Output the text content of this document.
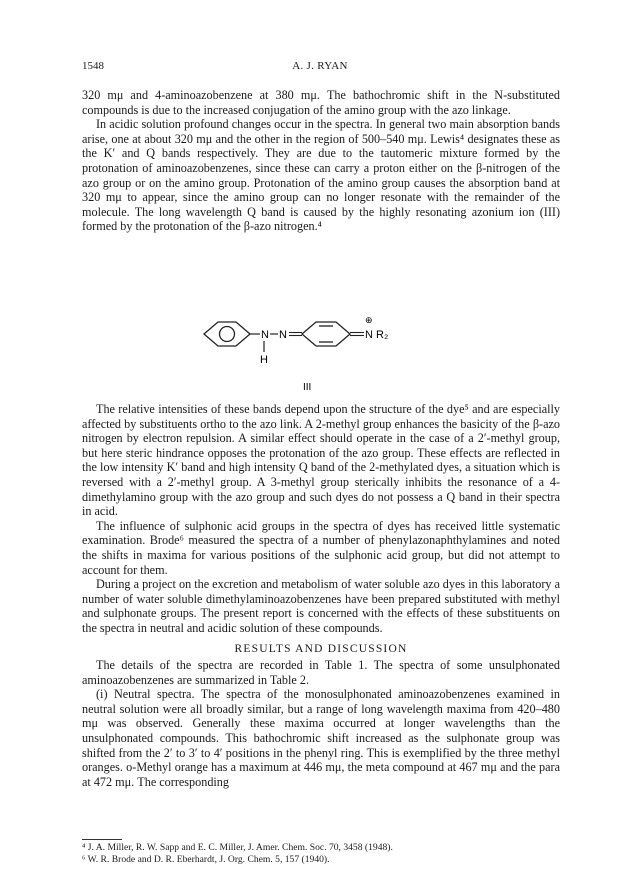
1548	A. J. RYAN

320 mμ and 4-aminoazobenzene at 380 mμ. The bathochromic shift in the N-substituted compounds is due to the increased conjugation of the amino group with the azo linkage.

In acidic solution profound changes occur in the spectra. In general two main absorption bands arise, one at about 320 mμ and the other in the region of 500–540 mμ. Lewis⁴ designates these as the K′ and Q bands respectively. They are due to the tautomeric mixture formed by the protonation of aminoazobenzenes, since these can carry a proton either on the β-nitrogen of the azo group or on the amino group. Protonation of the amino group causes the absorption band at 320 mμ to appear, since the amino group can no longer resonate with the remainder of the molecule. The long wavelength Q band is caused by the highly resonating azonium ion (III) formed by the protonation of the β-azo nitrogen.⁴

N N
H
⊕
N R₂
III

The relative intensities of these bands depend upon the structure of the dye⁵ and are especially affected by substituents ortho to the azo link. A 2-methyl group enhances the basicity of the β-azo nitrogen by electron repulsion. A similar effect should operate in the case of a 2′-methyl group, but here steric hindrance opposes the protonation of the azo group. These effects are reflected in the low intensity K′ band and high intensity Q band of the 2-methylated dyes, a situation which is reversed with a 2′-methyl group. A 3-methyl group sterically inhibits the resonance of a 4-dimethylamino group with the azo group and such dyes do not possess a Q band in their spectra in acid.

The influence of sulphonic acid groups in the spectra of dyes has received little systematic examination. Brode⁶ measured the spectra of a number of phenylazonaphthylamines and noted the shifts in maxima for various positions of the sulphonic acid group, but did not attempt to account for them.

During a project on the excretion and metabolism of water soluble azo dyes in this laboratory a number of water soluble dimethylaminoazobenzenes have been prepared substituted with methyl and sulphonate groups. The present report is concerned with the effects of these substituents on the spectra in neutral and acidic solution of these compounds.

RESULTS AND DISCUSSION

The details of the spectra are recorded in Table 1. The spectra of some unsulphonated aminoazobenzenes are summarized in Table 2.

(i) Neutral spectra. The spectra of the monosulphonated aminoazobenzenes examined in neutral solution were all broadly similar, but a range of long wavelength maxima from 420–480 mμ was observed. Generally these maxima occurred at longer wavelengths than the unsulphonated compounds. This bathochromic shift increased as the sulphonate group was shifted from the 2′ to 3′ to 4′ positions in the phenyl ring. This is exemplified by the three methyl oranges. o-Methyl orange has a maximum at 446 mμ, the meta compound at 467 mμ and the para at 472 mμ. The corresponding

⁴ J. A. Miller, R. W. Sapp and E. C. Miller, J. Amer. Chem. Soc. 70, 3458 (1948).
⁶ W. R. Brode and D. R. Eberhardt, J. Org. Chem. 5, 157 (1940).
